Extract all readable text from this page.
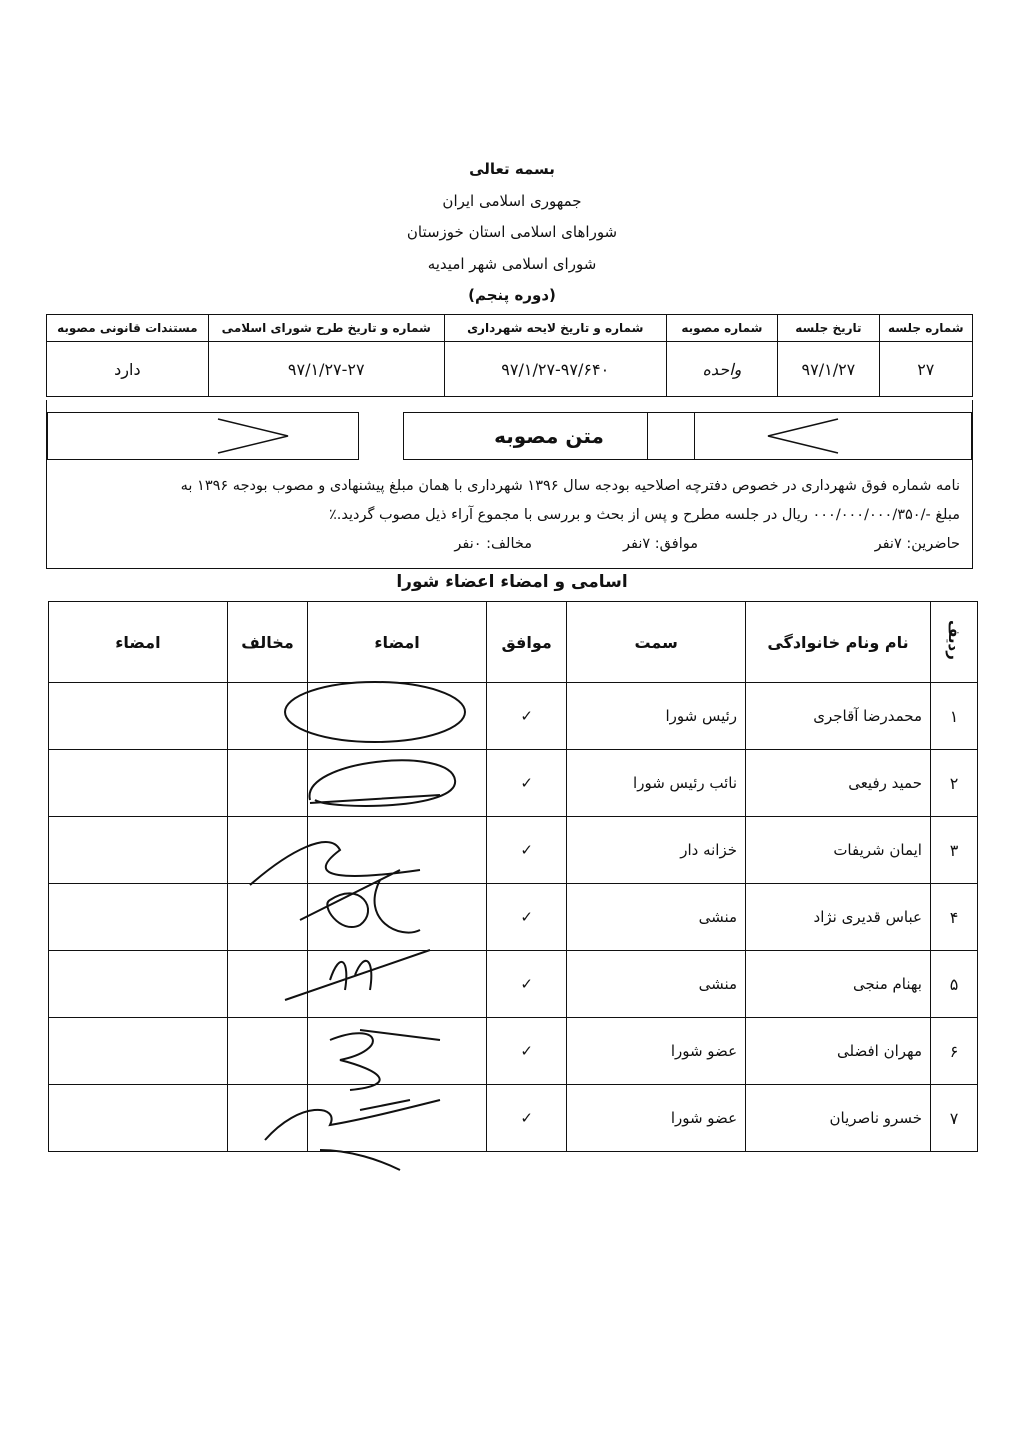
بسمه تعالی
جمهوری اسلامی ایران
شوراهای اسلامی استان خوزستان
شورای اسلامی شهر امیدیه
(دوره پنجم)
شماره جلسه	تاریخ جلسه	شماره مصوبه	شماره و تاریخ لایحه شهرداری	شماره و تاریخ طرح شورای اسلامی	مستندات قانونی مصوبه
۲۷	۹۷/۱/۲۷	واحده	۹۷/۱/۲۷-۹۷/۶۴۰	۹۷/۱/۲۷-۲۷	دارد
متن مصوبه
نامه شماره فوق شهرداری در خصوص دفترچه اصلاحیه بودجه سال ۱۳۹۶ شهرداری با همان مبلغ پیشنهادی و مصوب بودجه ۱۳۹۶ به
مبلغ -/۰۰۰/۰۰۰/۰۰۰/۳۵۰ ریال در جلسه مطرح و پس از بحث و بررسی با مجموع آراء ذیل مصوب گردید.٪
حاضرین: ۷نفر
موافق: ۷نفر
مخالف: ۰نفر
اسامی و امضاء اعضاء شورا
ردیف	نام ونام خانوادگی	سمت	موافق	امضاء	مخالف	امضاء
۱	محمدرضا آقاجری	رئیس شورا	✓			
۲	حمید رفیعی	نائب رئیس شورا	✓			
۳	ایمان شریفات	خزانه دار	✓			
۴	عباس قدیری نژاد	منشی	✓			
۵	بهنام منجی	منشی	✓			
۶	مهران افضلی	عضو شورا	✓			
۷	خسرو ناصریان	عضو شورا	✓			
